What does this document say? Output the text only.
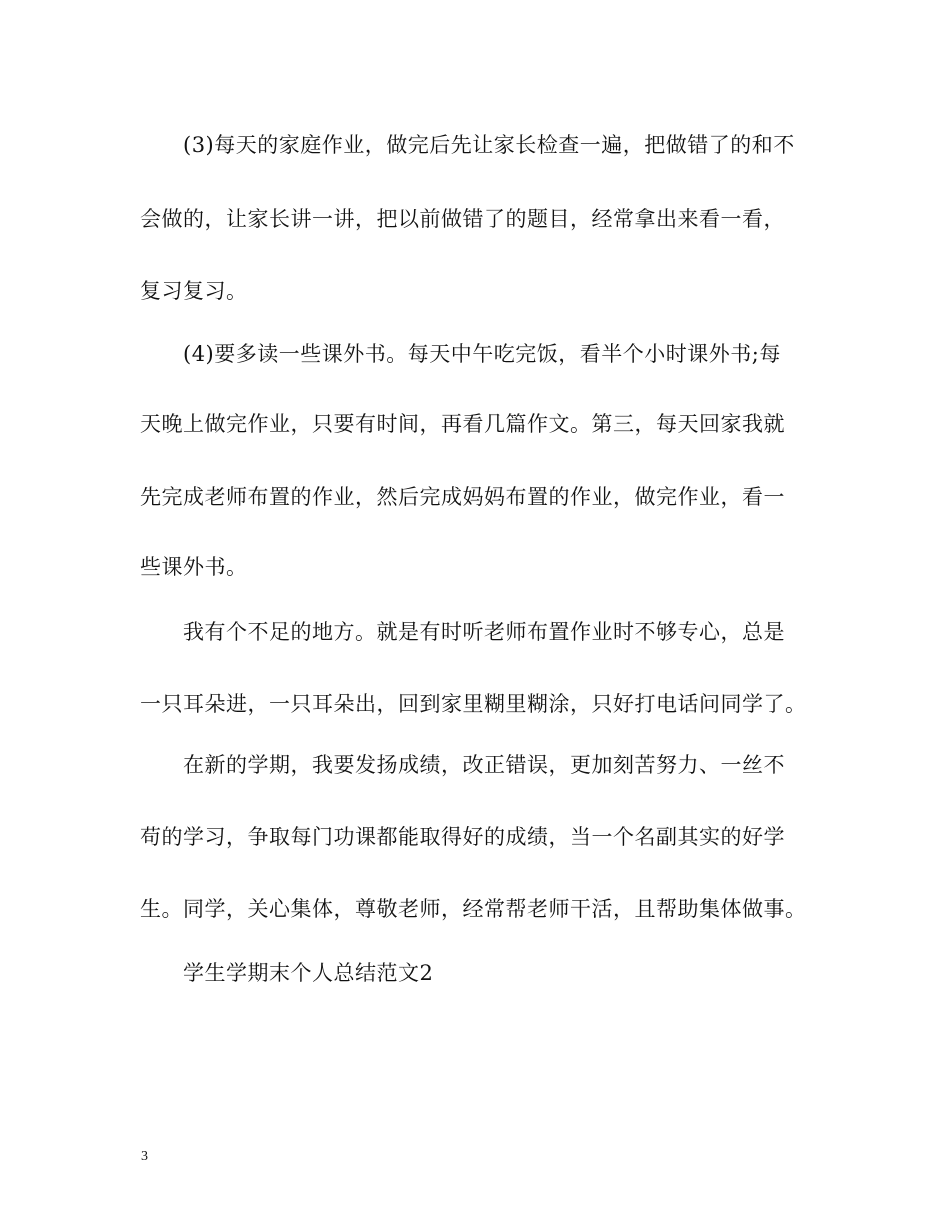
(3)每天的家庭作业，做完后先让家长检查一遍，把做错了的和不
会做的，让家长讲一讲，把以前做错了的题目，经常拿出来看一看，
复习复习。
(4)要多读一些课外书。每天中午吃完饭，看半个小时课外书;每
天晚上做完作业，只要有时间，再看几篇作文。第三，每天回家我就
先完成老师布置的作业，然后完成妈妈布置的作业，做完作业，看一
些课外书。
我有个不足的地方。就是有时听老师布置作业时不够专心，总是
一只耳朵进，一只耳朵出，回到家里糊里糊涂，只好打电话问同学了。
在新的学期，我要发扬成绩，改正错误，更加刻苦努力、一丝不
苟的学习，争取每门功课都能取得好的成绩，当一个名副其实的好学
生。同学，关心集体，尊敬老师，经常帮老师干活，且帮助集体做事。
学生学期末个人总结范文2
3
